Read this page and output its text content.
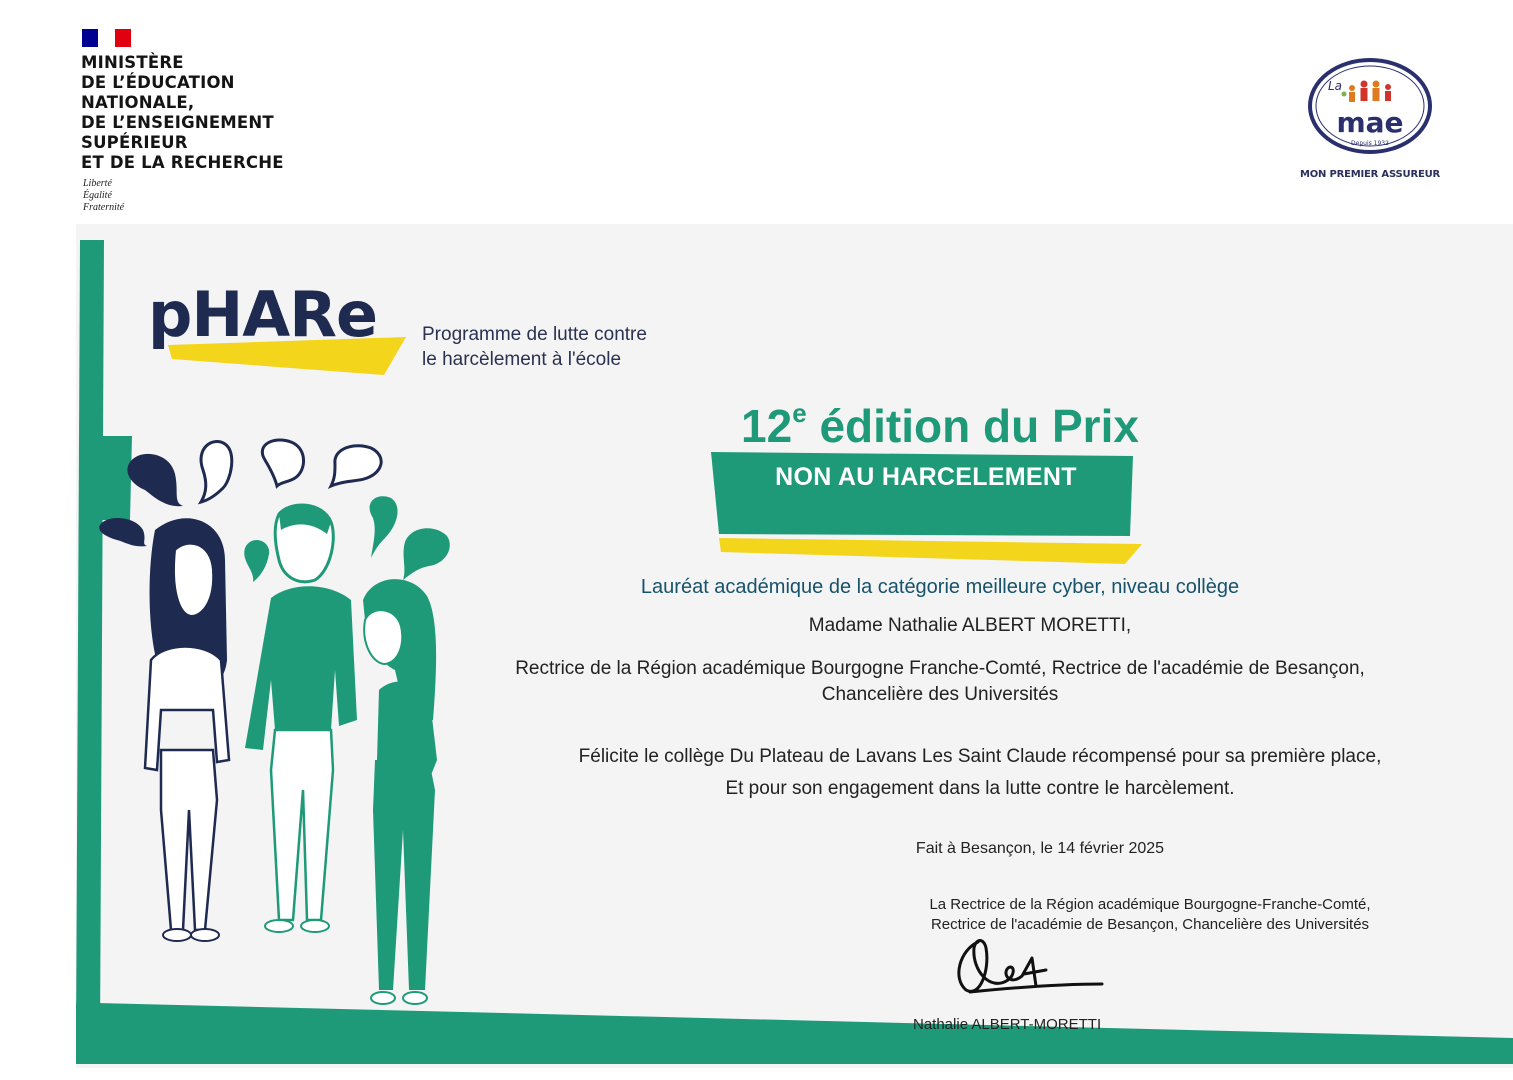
MINISTÈRE
DE L’ÉDUCATION
NATIONALE,
DE L’ENSEIGNEMENT
SUPÉRIEUR
ET DE LA RECHERCHE
Liberté
Égalité
Fraternité
La
mae
Depuis 1932
MON PREMIER ASSUREUR
pHARe Programme de lutte contre
le harcèlement à l'école
12e édition du Prix
NON AU HARCELEMENT
Lauréat académique de la catégorie meilleure cyber, niveau collège
Madame Nathalie ALBERT MORETTI,
Rectrice de la Région académique Bourgogne Franche-Comté, Rectrice de l'académie de Besançon,
Chancelière des Universités
Félicite le collège Du Plateau de Lavans Les Saint Claude récompensé pour sa première place,
Et pour son engagement dans la lutte contre le harcèlement.
Fait à Besançon, le 14 février 2025
La Rectrice de la Région académique Bourgogne-Franche-Comté,
Rectrice de l'académie de Besançon, Chancelière des Universités
Nathalie ALBERT-MORETTI
